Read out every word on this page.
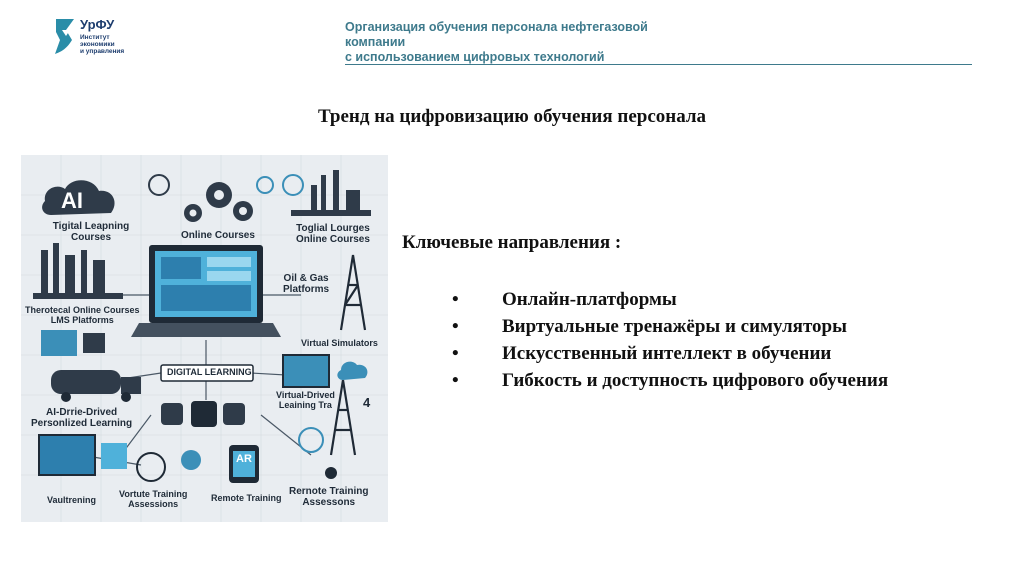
УрФУ
Институт
экономики
и управления
Организация обучения персонала нефтегазовой
компании
с использованием цифровых технологий
Тренд на цифровизацию обучения персонала
AI
Tigital Leapning
Courses	Online Courses
Toglial Lourges
Online Courses
Oil & Gas
Platforms
Therotecal Online Courses
LMS Platforms
Virtual Simulators
DIGITAL LEARNING
AI-Drrie-Drived
Personlized Learning
Virtual-Drived
Leaining Tra 4
AR
Vaultrening
Vortute Training
Assessions
Remote Training
Rernote Training
Assessons
Ключевые направления :
• Онлайн-платформы
• Виртуальные тренажёры и симуляторы
• Искусственный интеллект в обучении
• Гибкость и доступность цифрового обучения
